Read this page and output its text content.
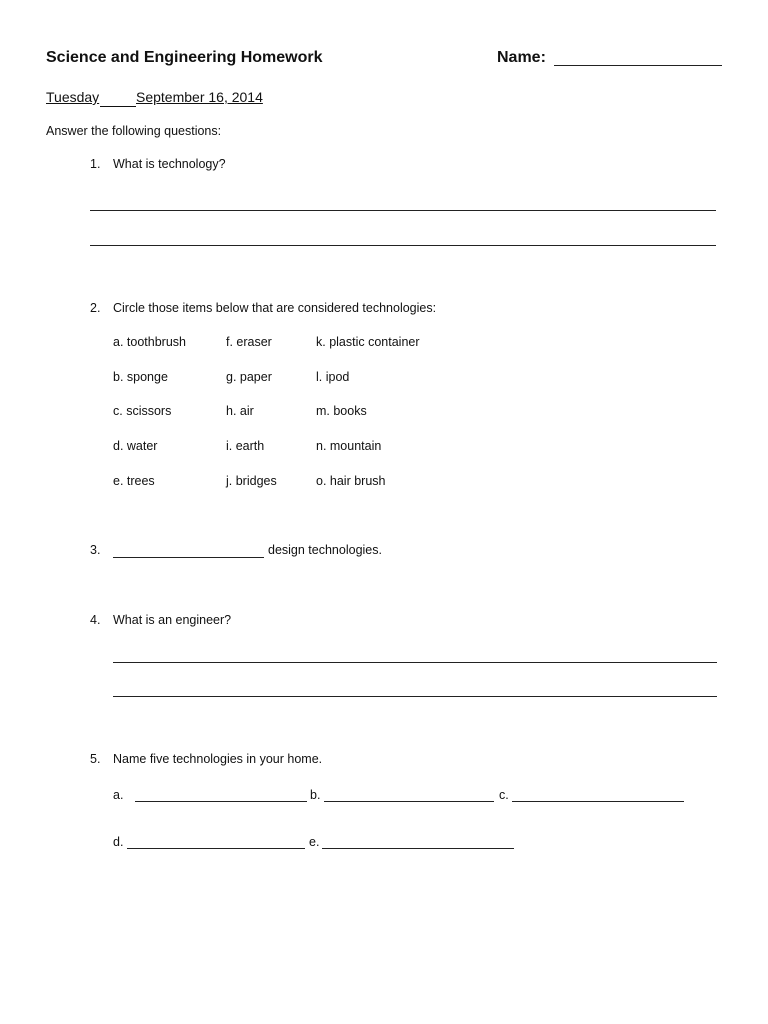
Science and Engineering Homework	Name:
Tuesday	September 16, 2014
Answer the following questions:
1. What is technology?
2. Circle those items below that are considered technologies:
a. toothbrush	f. eraser	k. plastic container
b. sponge	g. paper	l. ipod
c. scissors	h. air	m. books
d. water	i. earth	n. mountain
e. trees	j. bridges	o. hair brush
3.	design technologies.
4. What is an engineer?
5. Name five technologies in your home.
a.	b.	c.
d.	e.
